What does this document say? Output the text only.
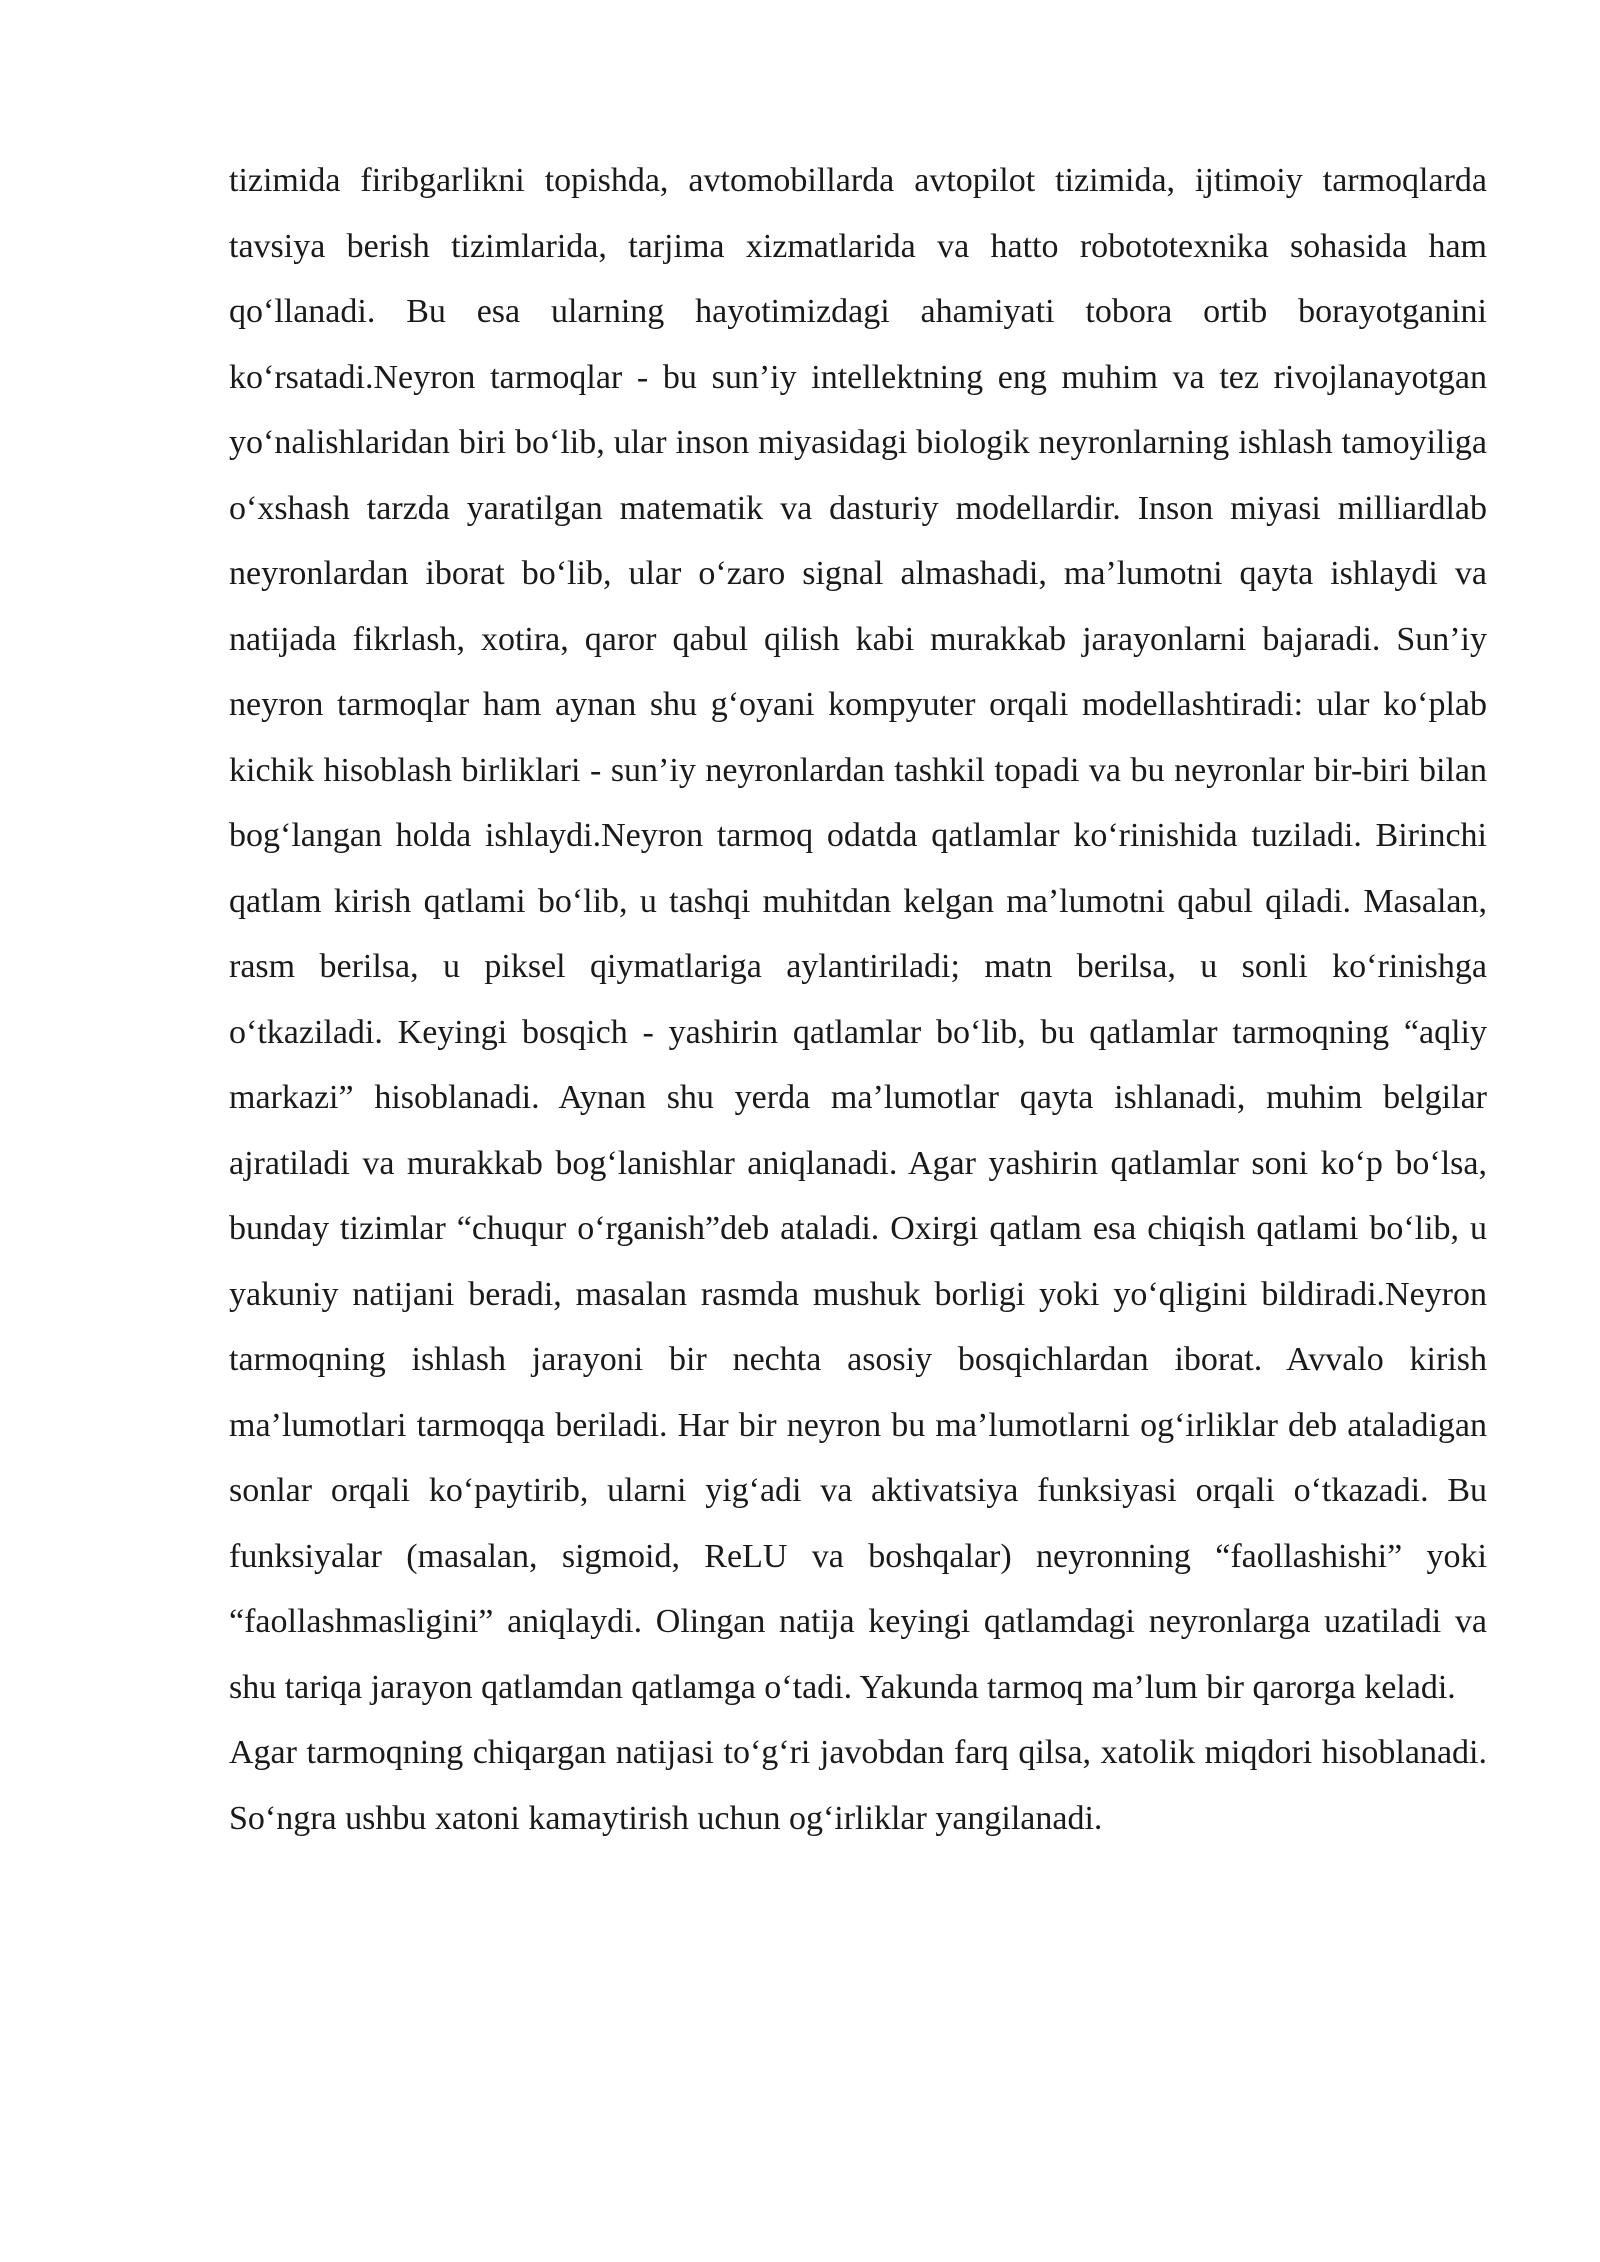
tizimida firibgarlikni topishda, avtomobillarda avtopilot tizimida, ijtimoiy tarmoqlarda tavsiya berish tizimlarida, tarjima xizmatlarida va hatto robototexnika sohasida ham qo‘llanadi. Bu esa ularning hayotimizdagi ahamiyati tobora ortib borayotganini ko‘rsatadi.Neyron tarmoqlar - bu sun’iy intellektning eng muhim va tez rivojlanayotgan yo‘nalishlaridan biri bo‘lib, ular inson miyasidagi biologik neyronlarning ishlash tamoyiliga o‘xshash tarzda yaratilgan matematik va dasturiy modellardir. Inson miyasi milliardlab neyronlardan iborat bo‘lib, ular o‘zaro signal almashadi, ma’lumotni qayta ishlaydi va natijada fikrlash, xotira, qaror qabul qilish kabi murakkab jarayonlarni bajaradi. Sun’iy neyron tarmoqlar ham aynan shu g‘oyani kompyuter orqali modellashtiradi: ular ko‘plab kichik hisoblash birliklari - sun’iy neyronlardan tashkil topadi va bu neyronlar bir-biri bilan bog‘langan holda ishlaydi.Neyron tarmoq odatda qatlamlar ko‘rinishida tuziladi. Birinchi qatlam kirish qatlami bo‘lib, u tashqi muhitdan kelgan ma’lumotni qabul qiladi. Masalan, rasm berilsa, u piksel qiymatlariga aylantiriladi; matn berilsa, u sonli ko‘rinishga o‘tkaziladi. Keyingi bosqich - yashirin qatlamlar bo‘lib, bu qatlamlar tarmoqning “aqliy markazi” hisoblanadi. Aynan shu yerda ma’lumotlar qayta ishlanadi, muhim belgilar ajratiladi va murakkab bog‘lanishlar aniqlanadi. Agar yashirin qatlamlar soni ko‘p bo‘lsa, bunday tizimlar “chuqur o‘rganish”deb ataladi. Oxirgi qatlam esa chiqish qatlami bo‘lib, u yakuniy natijani beradi, masalan rasmda mushuk borligi yoki yo‘qligini bildiradi.Neyron tarmoqning ishlash jarayoni bir nechta asosiy bosqichlardan iborat. Avvalo kirish ma’lumotlari tarmoqqa beriladi. Har bir neyron bu ma’lumotlarni og‘irliklar deb ataladigan sonlar orqali ko‘paytirib, ularni yig‘adi va aktivatsiya funksiyasi orqali o‘tkazadi. Bu funksiyalar (masalan, sigmoid, ReLU va boshqalar) neyronning “faollashishi” yoki “faollashmasligini” aniqlaydi. Olingan natija keyingi qatlamdagi neyronlarga uzatiladi va shu tariqa jarayon qatlamdan qatlamga o‘tadi. Yakunda tarmoq ma’lum bir qarorga keladi.

Agar tarmoqning chiqargan natijasi to‘g‘ri javobdan farq qilsa, xatolik miqdori hisoblanadi. So‘ngra ushbu xatoni kamaytirish uchun og‘irliklar yangilanadi.
